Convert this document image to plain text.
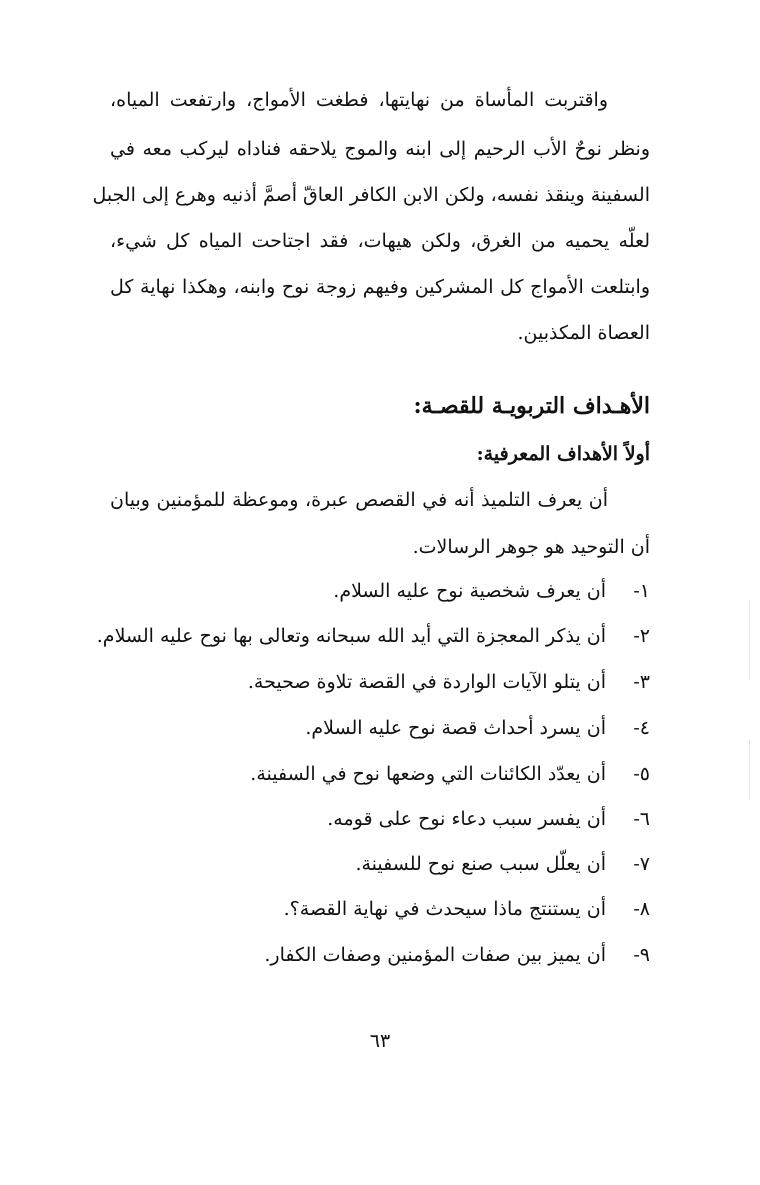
واقتربت المأساة من نهايتها، فطغت الأمواج، وارتفعت المياه،
ونظر نوحٌ الأب الرحيم إلى ابنه والموج يلاحقه فناداه ليركب معه في
السفينة وينقذ نفسه، ولكن الابن الكافر العاقّ أصمَّ أذنيه وهرع إلى الجبل
لعلّه يحميه من الغرق، ولكن هيهات، فقد اجتاحت المياه كل شيء،
وابتلعت الأمواج كل المشركين وفيهم زوجة نوح وابنه، وهكذا نهاية كل
العصاة المكذبين.
الأهـداف التربويـة للقصـة:
أولاً الأهداف المعرفية:
أن يعرف التلميذ أنه في القصص عبرة، وموعظة للمؤمنين وبيان
أن التوحيد هو جوهر الرسالات.
١-
أن يعرف شخصية نوح عليه السلام.
٢-
أن يذكر المعجزة التي أيد الله سبحانه وتعالى بها نوح عليه السلام.
٣-
أن يتلو الآيات الواردة في القصة تلاوة صحيحة.
٤-
أن يسرد أحداث قصة نوح عليه السلام.
٥-
أن يعدّد الكائنات التي وضعها نوح في السفينة.
٦-
أن يفسر سبب دعاء نوح على قومه.
٧-
أن يعلّل سبب صنع نوح للسفينة.
٨-
أن يستنتج ماذا سيحدث في نهاية القصة؟.
٩-
أن يميز بين صفات المؤمنين وصفات الكفار.
٦٣
